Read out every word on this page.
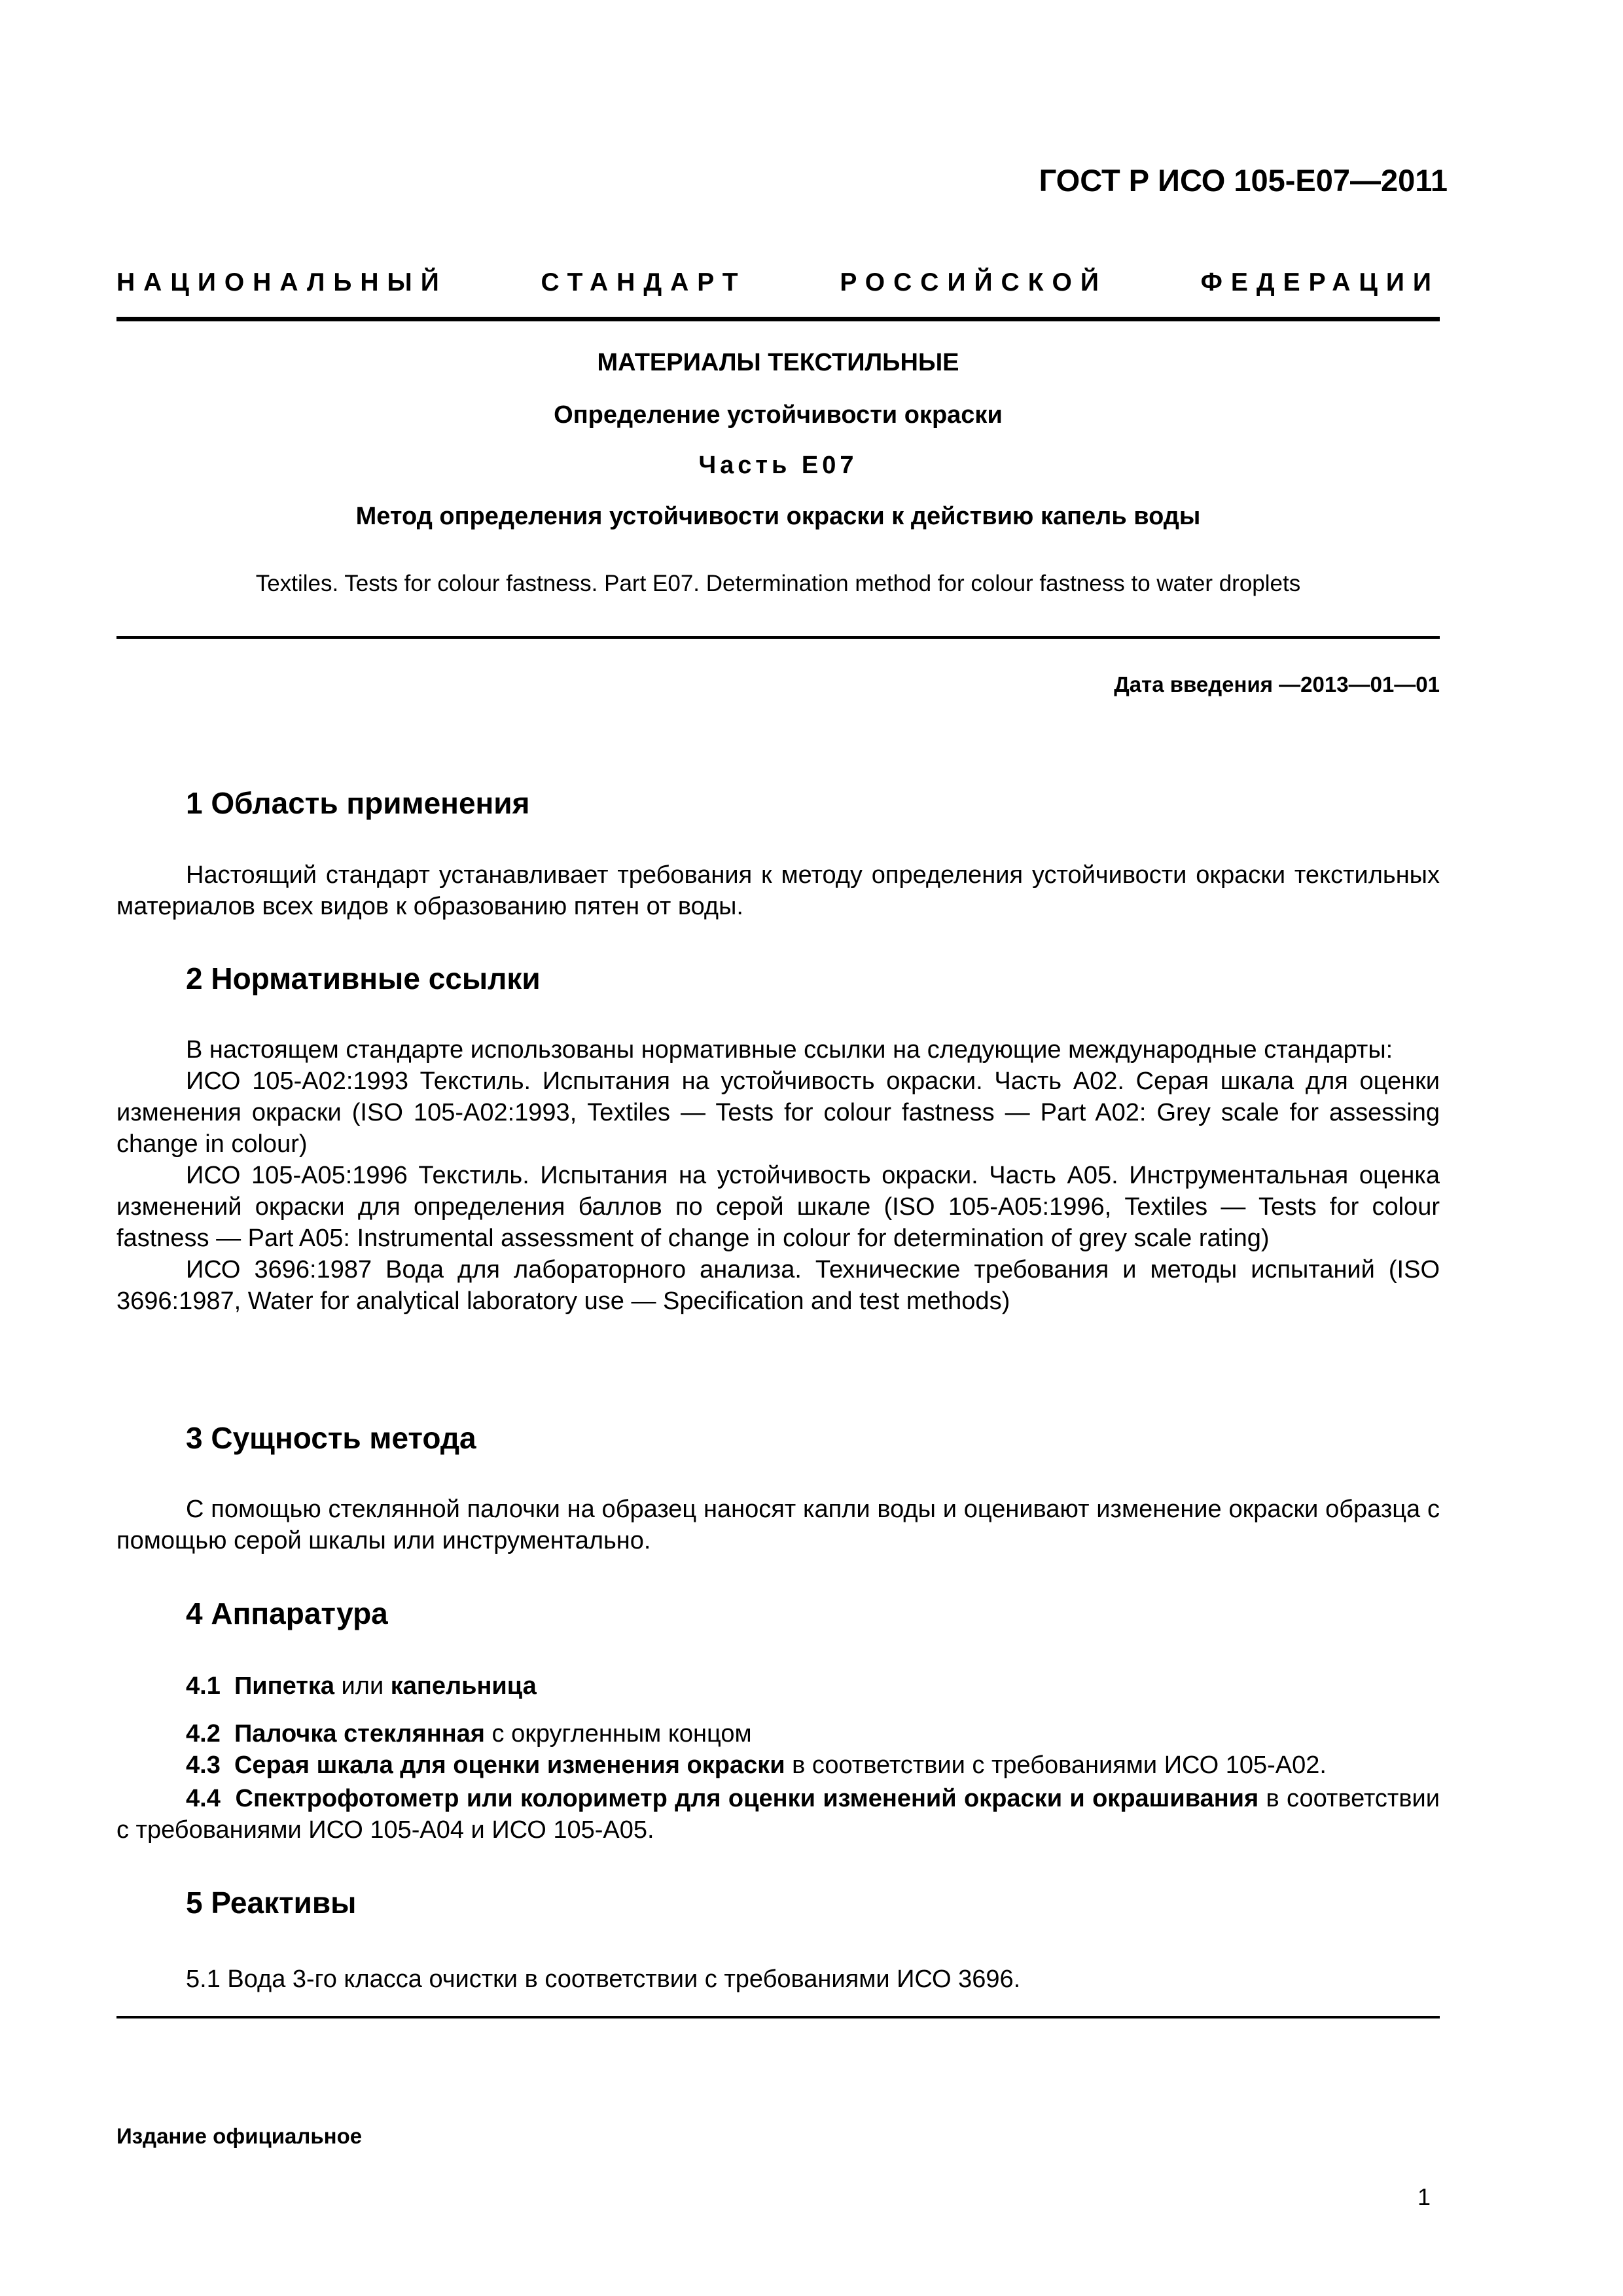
ГОСТ Р ИСО 105-Е07—2011
НАЦИОНАЛЬНЫЙ	СТАНДАРТ	РОССИЙСКОЙ	ФЕДЕРАЦИИ
МАТЕРИАЛЫ ТЕКСТИЛЬНЫЕ
Определение устойчивости окраски
Часть Е07
Метод определения устойчивости окраски к действию капель воды
Textiles. Tests for colour fastness. Part E07. Determination method for colour fastness to water droplets
Дата введения —2013—01—01
1 Область применения

Настоящий стандарт устанавливает требования к методу определения устойчивости окраски текстильных материалов всех видов к образованию пятен от воды.

2 Нормативные ссылки

В настоящем стандарте использованы нормативные ссылки на следующие международные стандарты:

ИСО 105-А02:1993 Текстиль. Испытания на устойчивость окраски. Часть А02. Серая шкала для оценки изменения окраски (ISO 105-А02:1993, Textiles — Tests for colour fastness — Part A02: Grey scale for assessing change in colour)

ИСО 105-А05:1996 Текстиль. Испытания на устойчивость окраски. Часть А05. Инструментальная оценка изменений окраски для определения баллов по серой шкале (ISO 105-А05:1996, Textiles — Tests for colour fastness — Part A05: Instrumental assessment of change in colour for determination of grey scale rating)

ИСО 3696:1987 Вода для лабораторного анализа. Технические требования и методы испытаний (ISO 3696:1987, Water for analytical laboratory use — Specification and test methods)

3 Сущность метода

С помощью стеклянной палочки на образец наносят капли воды и оценивают изменение окраски образца с помощью серой шкалы или инструментально.

4 Аппаратура
4.1 Пипетка или капельница
4.2 Палочка стеклянная с округленным концом
4.3 Серая шкала для оценки изменения окраски в соответствии с требованиями ИСО 105-А02.

4.4 Спектрофотометр или колориметр для оценки изменений окраски и окрашивания в соответствии с требованиями ИСО 105-А04 и ИСО 105-А05.

5 Реактивы
5.1 Вода 3-го класса очистки в соответствии с требованиями ИСО 3696.
Издание официальное
1
